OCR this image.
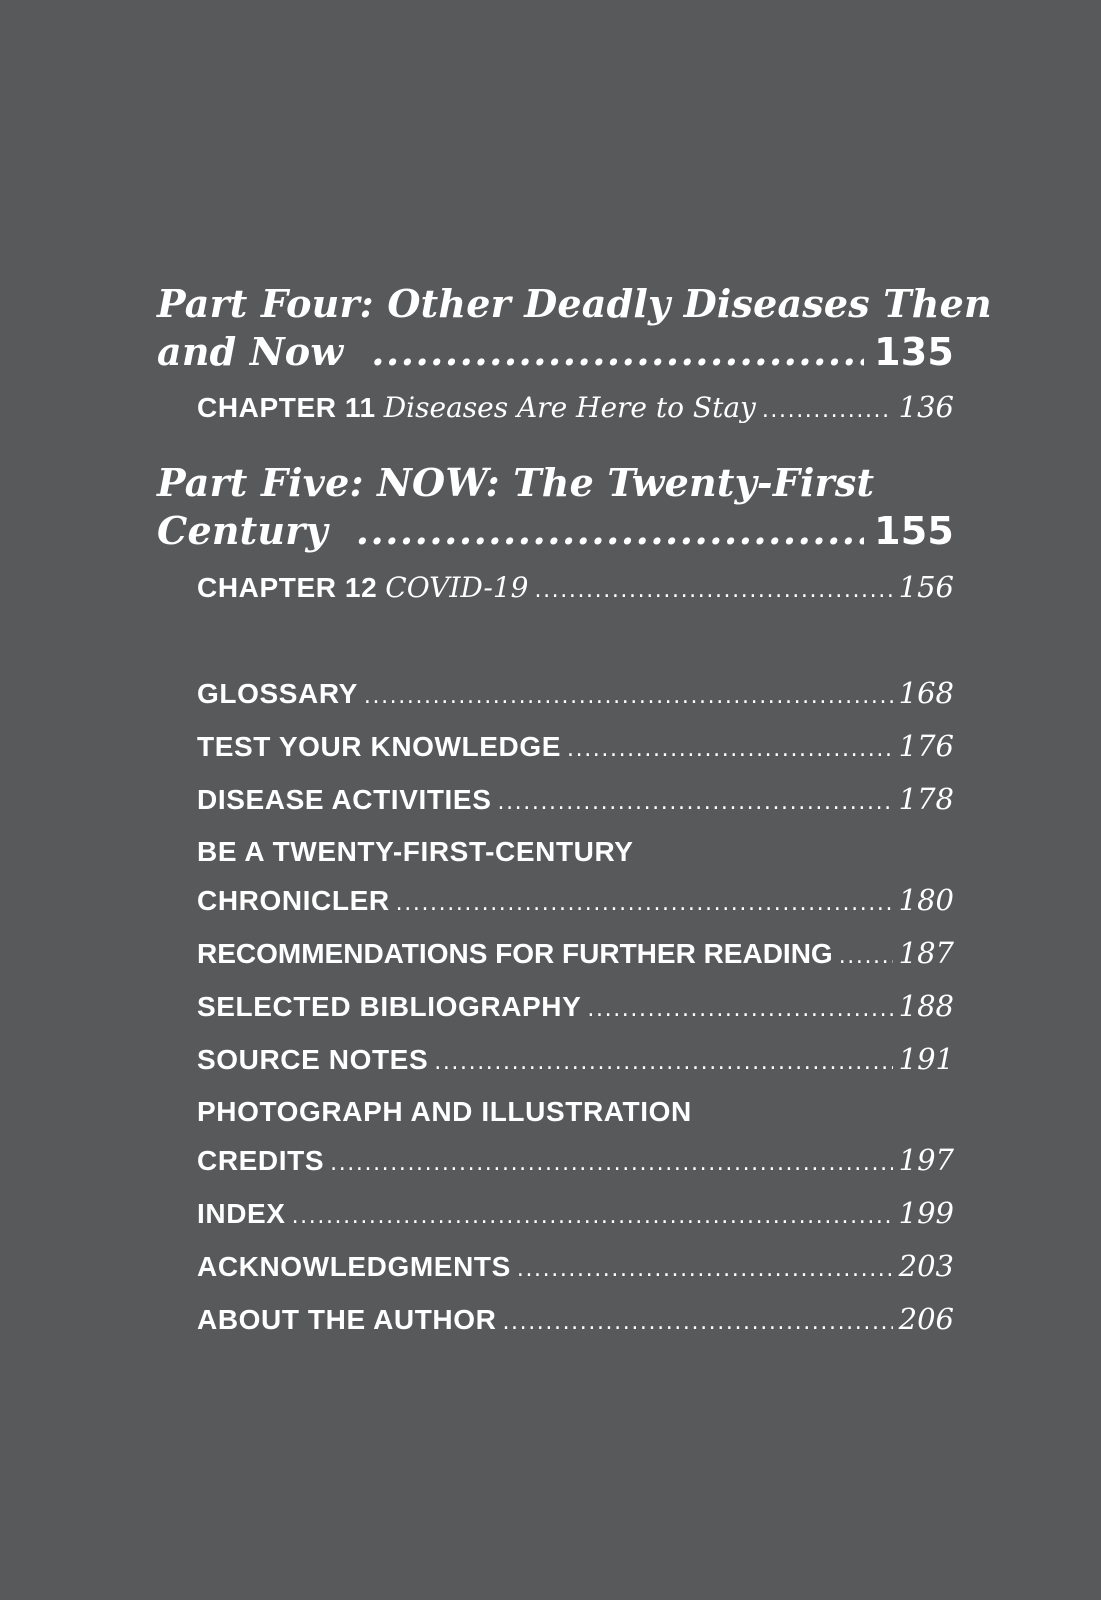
Part Four: Other Deadly Diseases Then
and Now .....	135
CHAPTER 11 Diseases Are Here to Stay .....	136
Part Five: NOW: The Twenty-First
Century .....	155
CHAPTER 12 COVID-19 .....	156
GLOSSARY .....	168
TEST YOUR KNOWLEDGE .....	176
DISEASE ACTIVITIES .....	178
BE A TWENTY-FIRST-CENTURY
CHRONICLER .....	180
RECOMMENDATIONS FOR FURTHER READING ..... 187
SELECTED BIBLIOGRAPHY .....	188
SOURCE NOTES .....	191
PHOTOGRAPH AND ILLUSTRATION
CREDITS .....	197
INDEX .....	199
ACKNOWLEDGMENTS .....	203
ABOUT THE AUTHOR .....	206
